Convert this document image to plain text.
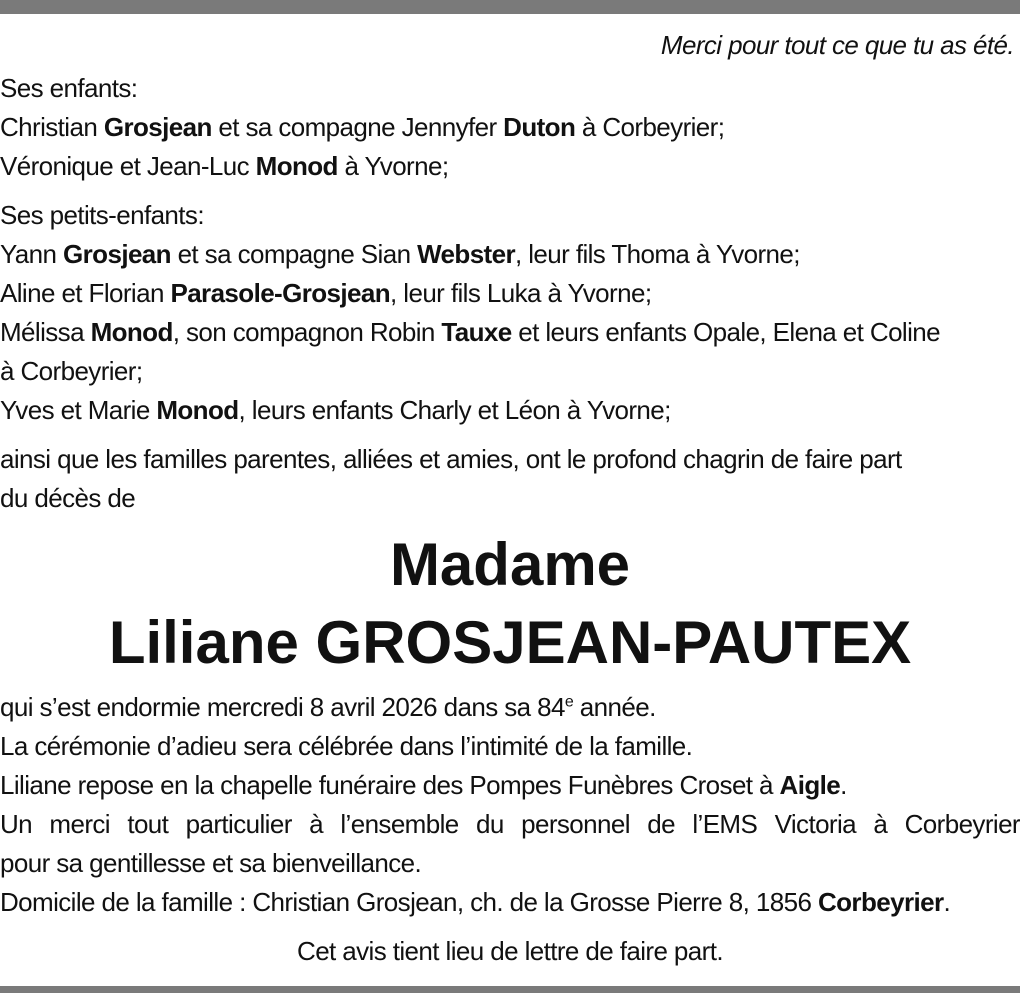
Merci pour tout ce que tu as été.
Ses enfants:
Christian Grosjean et sa compagne Jennyfer Duton à Corbeyrier;
Véronique et Jean-Luc Monod à Yvorne;
Ses petits-enfants:
Yann Grosjean et sa compagne Sian Webster, leur fils Thoma à Yvorne;
Aline et Florian Parasole-Grosjean, leur fils Luka à Yvorne;
Mélissa Monod, son compagnon Robin Tauxe et leurs enfants Opale, Elena et Coline
à Corbeyrier;
Yves et Marie Monod, leurs enfants Charly et Léon à Yvorne;
ainsi que les familles parentes, alliées et amies, ont le profond chagrin de faire part
du décès de
Madame
Liliane GROSJEAN-PAUTEX
qui s’est endormie mercredi 8 avril 2026 dans sa 84e année.
La cérémonie d’adieu sera célébrée dans l’intimité de la famille.
Liliane repose en la chapelle funéraire des Pompes Funèbres Croset à Aigle.
Un merci tout particulier à l’ensemble du personnel de l’EMS Victoria à Corbeyrier
pour sa gentillesse et sa bienveillance.
Domicile de la famille : Christian Grosjean, ch. de la Grosse Pierre 8, 1856 Corbeyrier.
Cet avis tient lieu de lettre de faire part.
